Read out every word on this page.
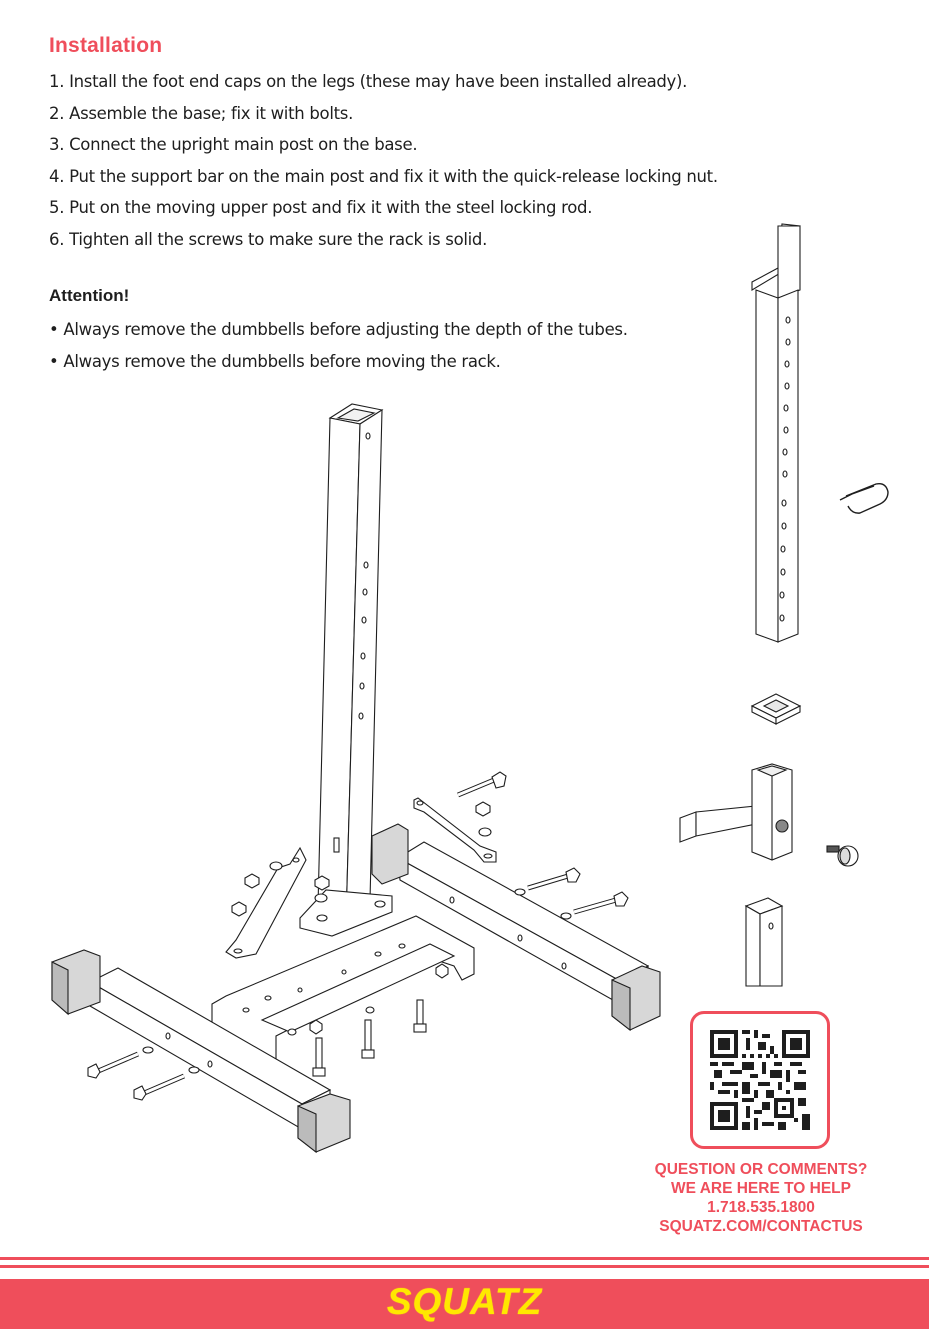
Installation
1. Install the foot end caps on the legs (these may have been installed already).
2. Assemble the base; fix it with bolts.
3. Connect the upright main post on the base.
4. Put the support bar on the main post and fix it with the quick-release locking nut.
5. Put on the moving upper post and fix it with the steel locking rod.
6. Tighten all the screws to make sure the rack is solid.
Attention!
• Always remove the dumbbells before adjusting the depth of the tubes.
• Always remove the dumbbells before moving the rack.
QUESTION OR COMMENTS?
WE ARE HERE TO HELP
1.718.535.1800
SQUATZ.COM/CONTACTUS
SQUATZ
